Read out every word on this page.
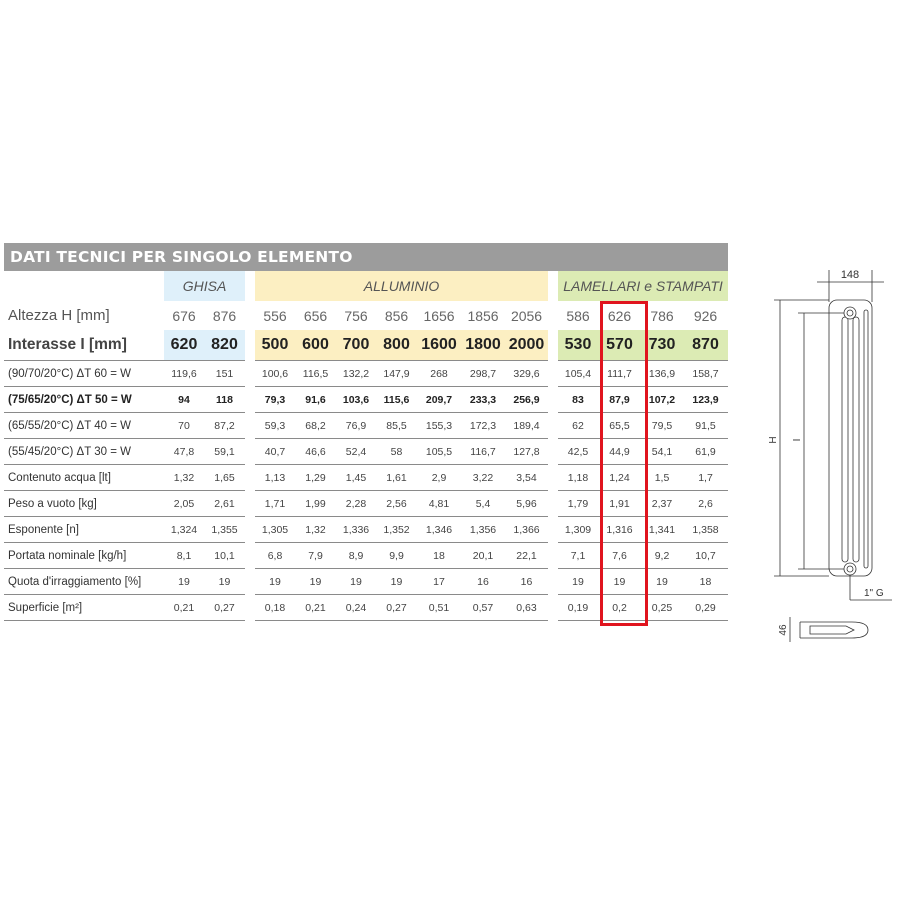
DATI TECNICI PER SINGOLO ELEMENTO
	GHISA			ALLUMINIO								LAMELLARI e STAMPATI			
Altezza H [mm]	676	876		556	656	756	856	1656	1856	2056		586	626	786	926
Interasse I [mm]	620	820		500	600	700	800	1600	1800	2000		530	570	730	870
(90/70/20°C) ΔT 60 = W	119,6	151		100,6	116,5	132,2	147,9	268	298,7	329,6		105,4	111,7	136,9	158,7
(75/65/20°C) ΔT 50 = W	94	118		79,3	91,6	103,6	115,6	209,7	233,3	256,9		83	87,9	107,2	123,9
(65/55/20°C) ΔT 40 = W	70	87,2		59,3	68,2	76,9	85,5	155,3	172,3	189,4		62	65,5	79,5	91,5
(55/45/20°C) ΔT 30 = W	47,8	59,1		40,7	46,6	52,4	58	105,5	116,7	127,8		42,5	44,9	54,1	61,9
Contenuto acqua [lt]	1,32	1,65		1,13	1,29	1,45	1,61	2,9	3,22	3,54		1,18	1,24	1,5	1,7
Peso a vuoto [kg]	2,05	2,61		1,71	1,99	2,28	2,56	4,81	5,4	5,96		1,79	1,91	2,37	2,6
Esponente [n]	1,324	1,355		1,305	1,32	1,336	1,352	1,346	1,356	1,366		1,309	1,316	1,341	1,358
Portata nominale [kg/h]	8,1	10,1		6,8	7,9	8,9	9,9	18	20,1	22,1		7,1	7,6	9,2	10,7
Quota d'irraggiamento [%]	19	19		19	19	19	19	17	16	16		19	19	19	18
Superficie [m²]	0,21	0,27		0,18	0,21	0,24	0,27	0,51	0,57	0,63		0,19	0,2	0,25	0,29
148
H I
1" G
46
